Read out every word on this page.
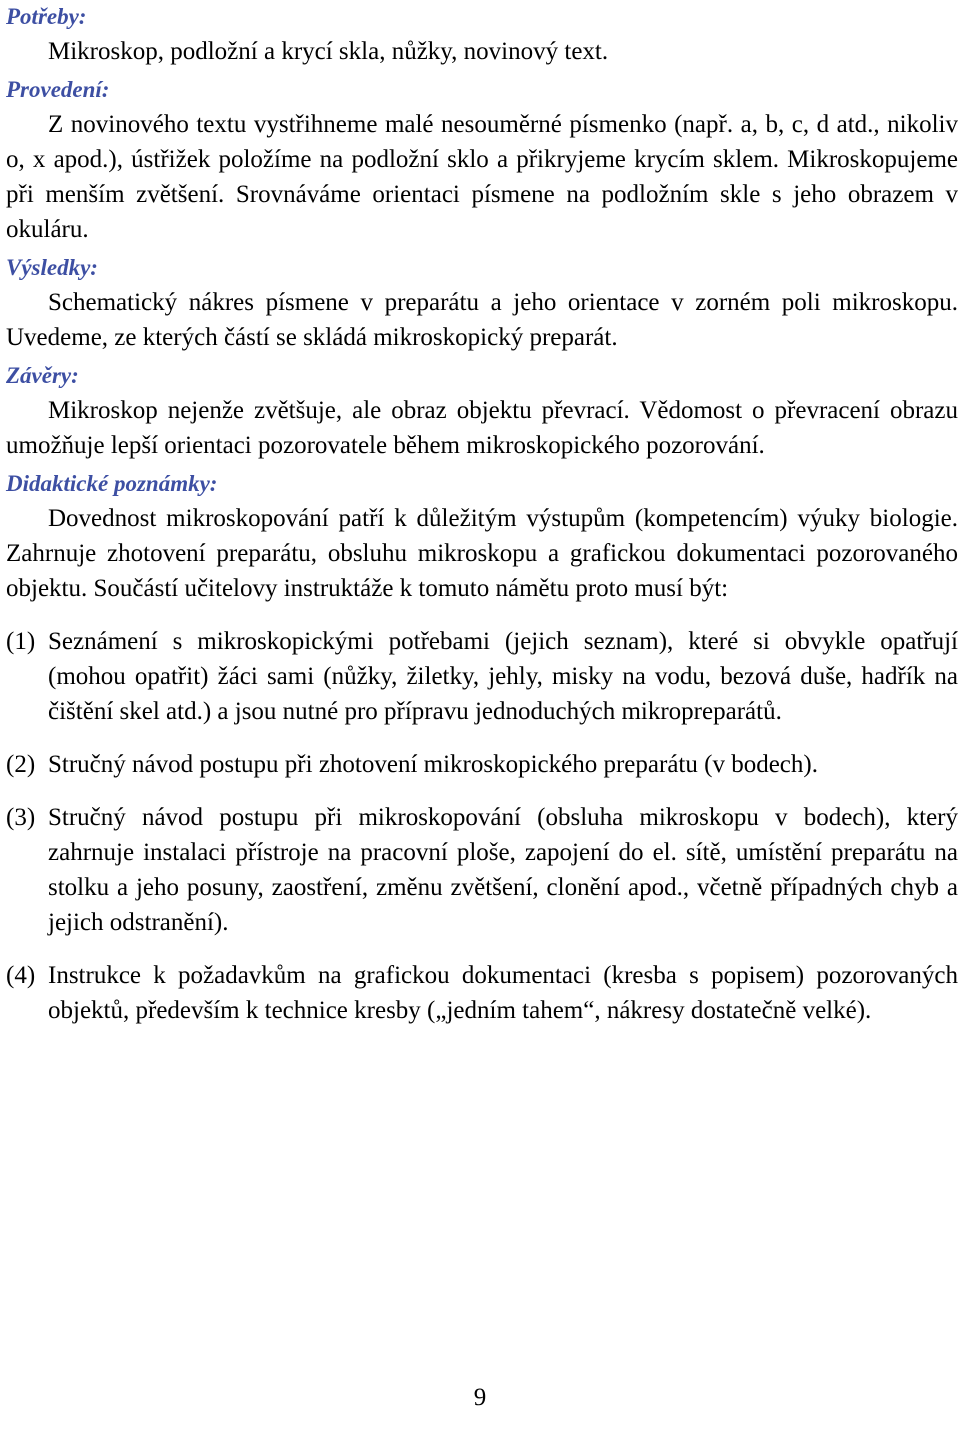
Potřeby:

Mikroskop, podložní a krycí skla, nůžky, novinový text.

Provedení:

Z novinového textu vystřihneme malé nesouměrné písmenko (např. a, b, c, d atd., nikoliv o, x apod.), ústřižek položíme na podložní sklo a přikryjeme krycím sklem. Mikroskopujeme při menším zvětšení. Srovnáváme orientaci písmene na podložním skle s jeho obrazem v okuláru.

Výsledky:

Schematický nákres písmene v preparátu a jeho orientace v zorném poli mikroskopu. Uvedeme, ze kterých částí se skládá mikroskopický preparát.

Závěry:

Mikroskop nejenže zvětšuje, ale obraz objektu převrací. Vědomost o převracení obrazu umožňuje lepší orientaci pozorovatele během mikroskopického pozorování.

Didaktické poznámky:

Dovednost mikroskopování patří k důležitým výstupům (kompetencím) výuky biologie. Zahrnuje zhotovení preparátu, obsluhu mikroskopu a grafickou dokumentaci pozorovaného objektu. Součástí učitelovy instruktáže k tomuto námětu proto musí být:

(1) Seznámení s mikroskopickými potřebami (jejich seznam), které si obvykle opatřují (mohou opatřit) žáci sami (nůžky, žiletky, jehly, misky na vodu, bezová duše, hadřík na čištění skel atd.) a jsou nutné pro přípravu jednoduchých mikropreparátů.
(2) Stručný návod postupu při zhotovení mikroskopického preparátu (v bodech).
(3) Stručný návod postupu při mikroskopování (obsluha mikroskopu v bodech), který zahrnuje instalaci přístroje na pracovní ploše, zapojení do el. sítě, umístění preparátu na stolku a jeho posuny, zaostření, změnu zvětšení, clonění apod., včetně případných chyb a jejich odstranění).
(4) Instrukce k požadavkům na grafickou dokumentaci (kresba s popisem) pozorovaných objektů, především k technice kresby („jedním tahem“, nákresy dostatečně velké).
9
